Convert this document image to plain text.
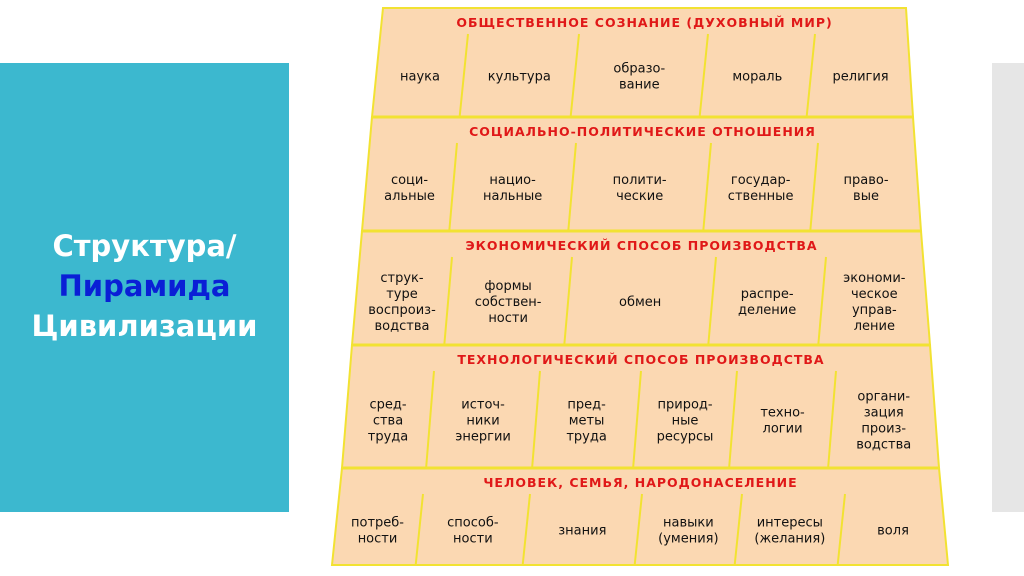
Структура/
Пирамида
Цивилизации
ОБЩЕСТВЕННОЕ СОЗНАНИЕ (ДУХОВНЫЙ МИР)
наука	культура
образо-вание
мораль	религия
СОЦИАЛЬНО-ПОЛИТИЧЕСКИЕ ОТНОШЕНИЯ
соци-альные
нацио-нальные
полити-ческие
государ-ственные
право-вые
ЭКОНОМИЧЕСКИЙ СПОСОБ ПРОИЗВОДСТВА
струк-туре воспроиз-водства
формы собствен-ности
обмен
распре-деление
экономи-ческое управ-ление
ТЕХНОЛОГИЧЕСКИЙ СПОСОБ ПРОИЗВОДСТВА
сред-ства труда
источ-ники энергии
пред-меты труда
природ-ные ресурсы
техно-логии
органи-зация произ-водства
ЧЕЛОВЕК, СЕМЬЯ, НАРОДОНАСЕЛЕНИЕ
потреб-ности
способ-ности
знания
навыки (умения)
интересы (желания)
воля
